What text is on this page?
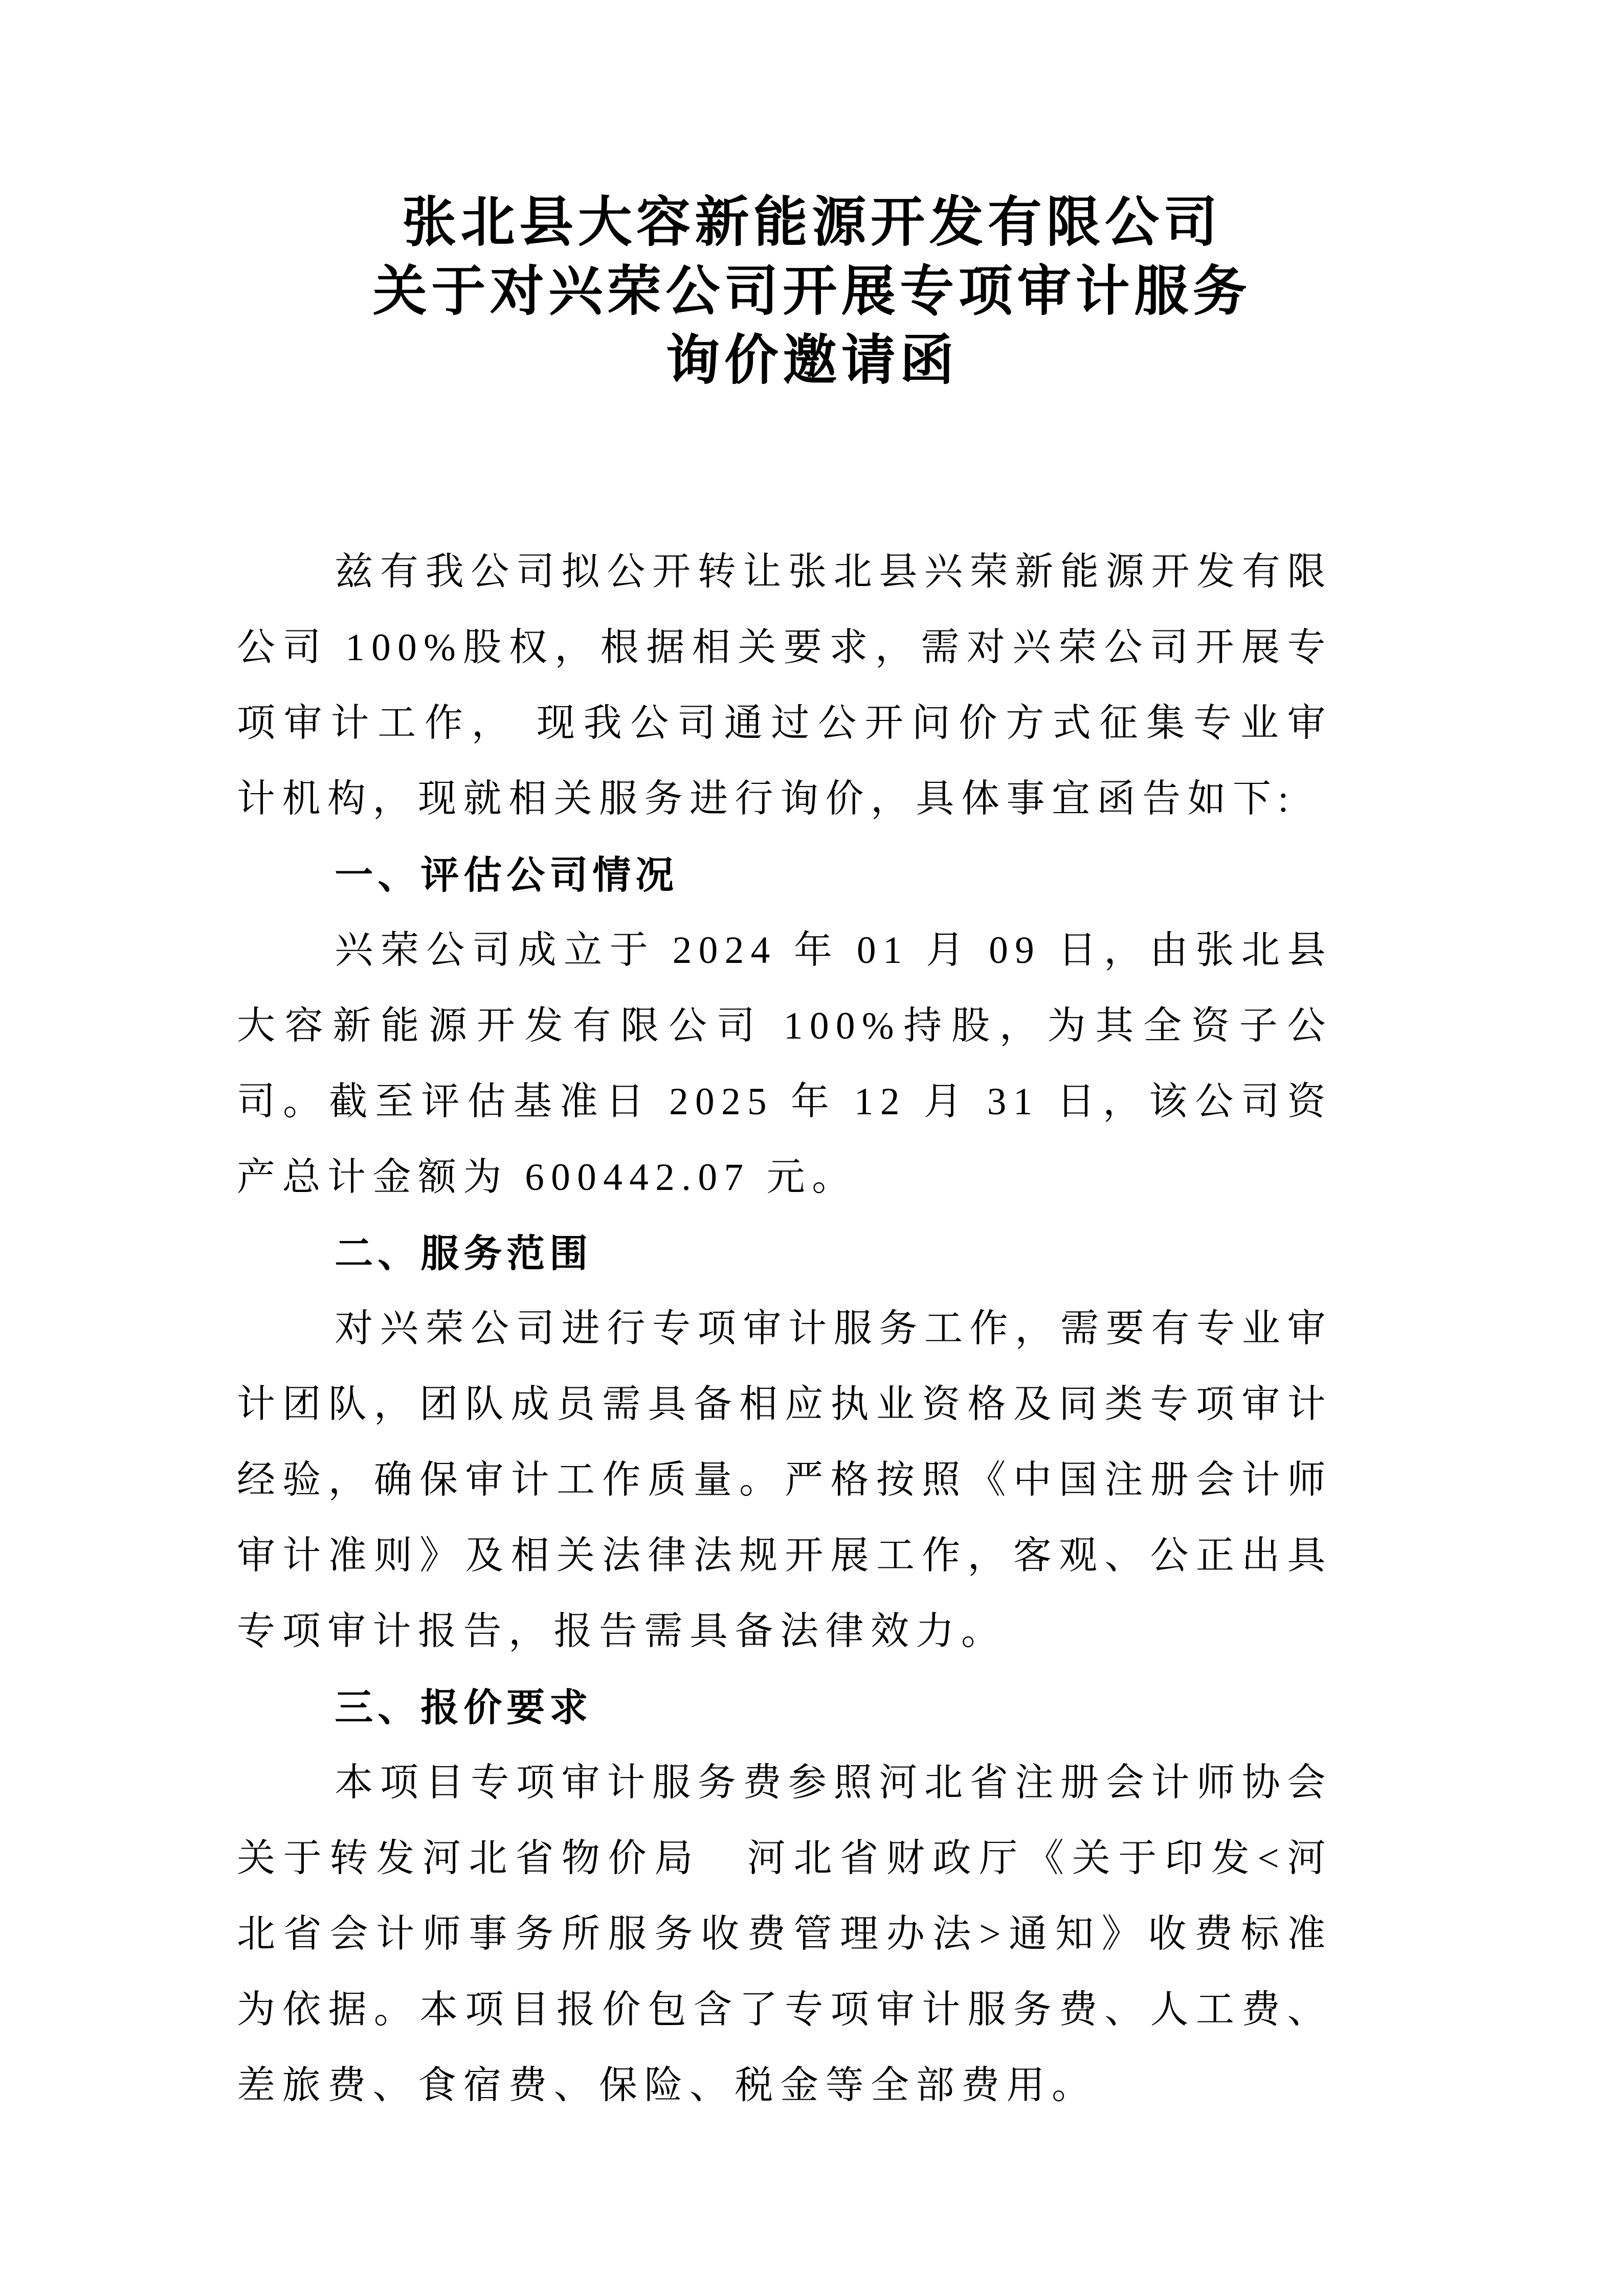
张北县大容新能源开发有限公司
关于对兴荣公司开展专项审计服务
询价邀请函

兹有我公司拟公开转让张北县兴荣新能源开发有限公司 100%股权，根据相关要求，需对兴荣公司开展专项审计工作， 现我公司通过公开问价方式征集专业审计机构，现就相关服务进行询价，具体事宜函告如下:

一、评估公司情况

兴荣公司成立于 2024 年 01 月 09 日，由张北县大容新能源开发有限公司 100%持股，为其全资子公司。截至评估基准日 2025 年 12 月 31 日，该公司资产总计金额为 600442.07 元。

二、服务范围

对兴荣公司进行专项审计服务工作，需要有专业审计团队，团队成员需具备相应执业资格及同类专项审计经验，确保审计工作质量。严格按照《中国注册会计师审计准则》及相关法律法规开展工作，客观、公正出具专项审计报告，报告需具备法律效力。

三、报价要求

本项目专项审计服务费参照河北省注册会计师协会关于转发河北省物价局　河北省财政厅《关于印发<河北省会计师事务所服务收费管理办法>通知》收费标准为依据。本项目报价包含了专项审计服务费、人工费、差旅费、食宿费、保险、税金等全部费用。
